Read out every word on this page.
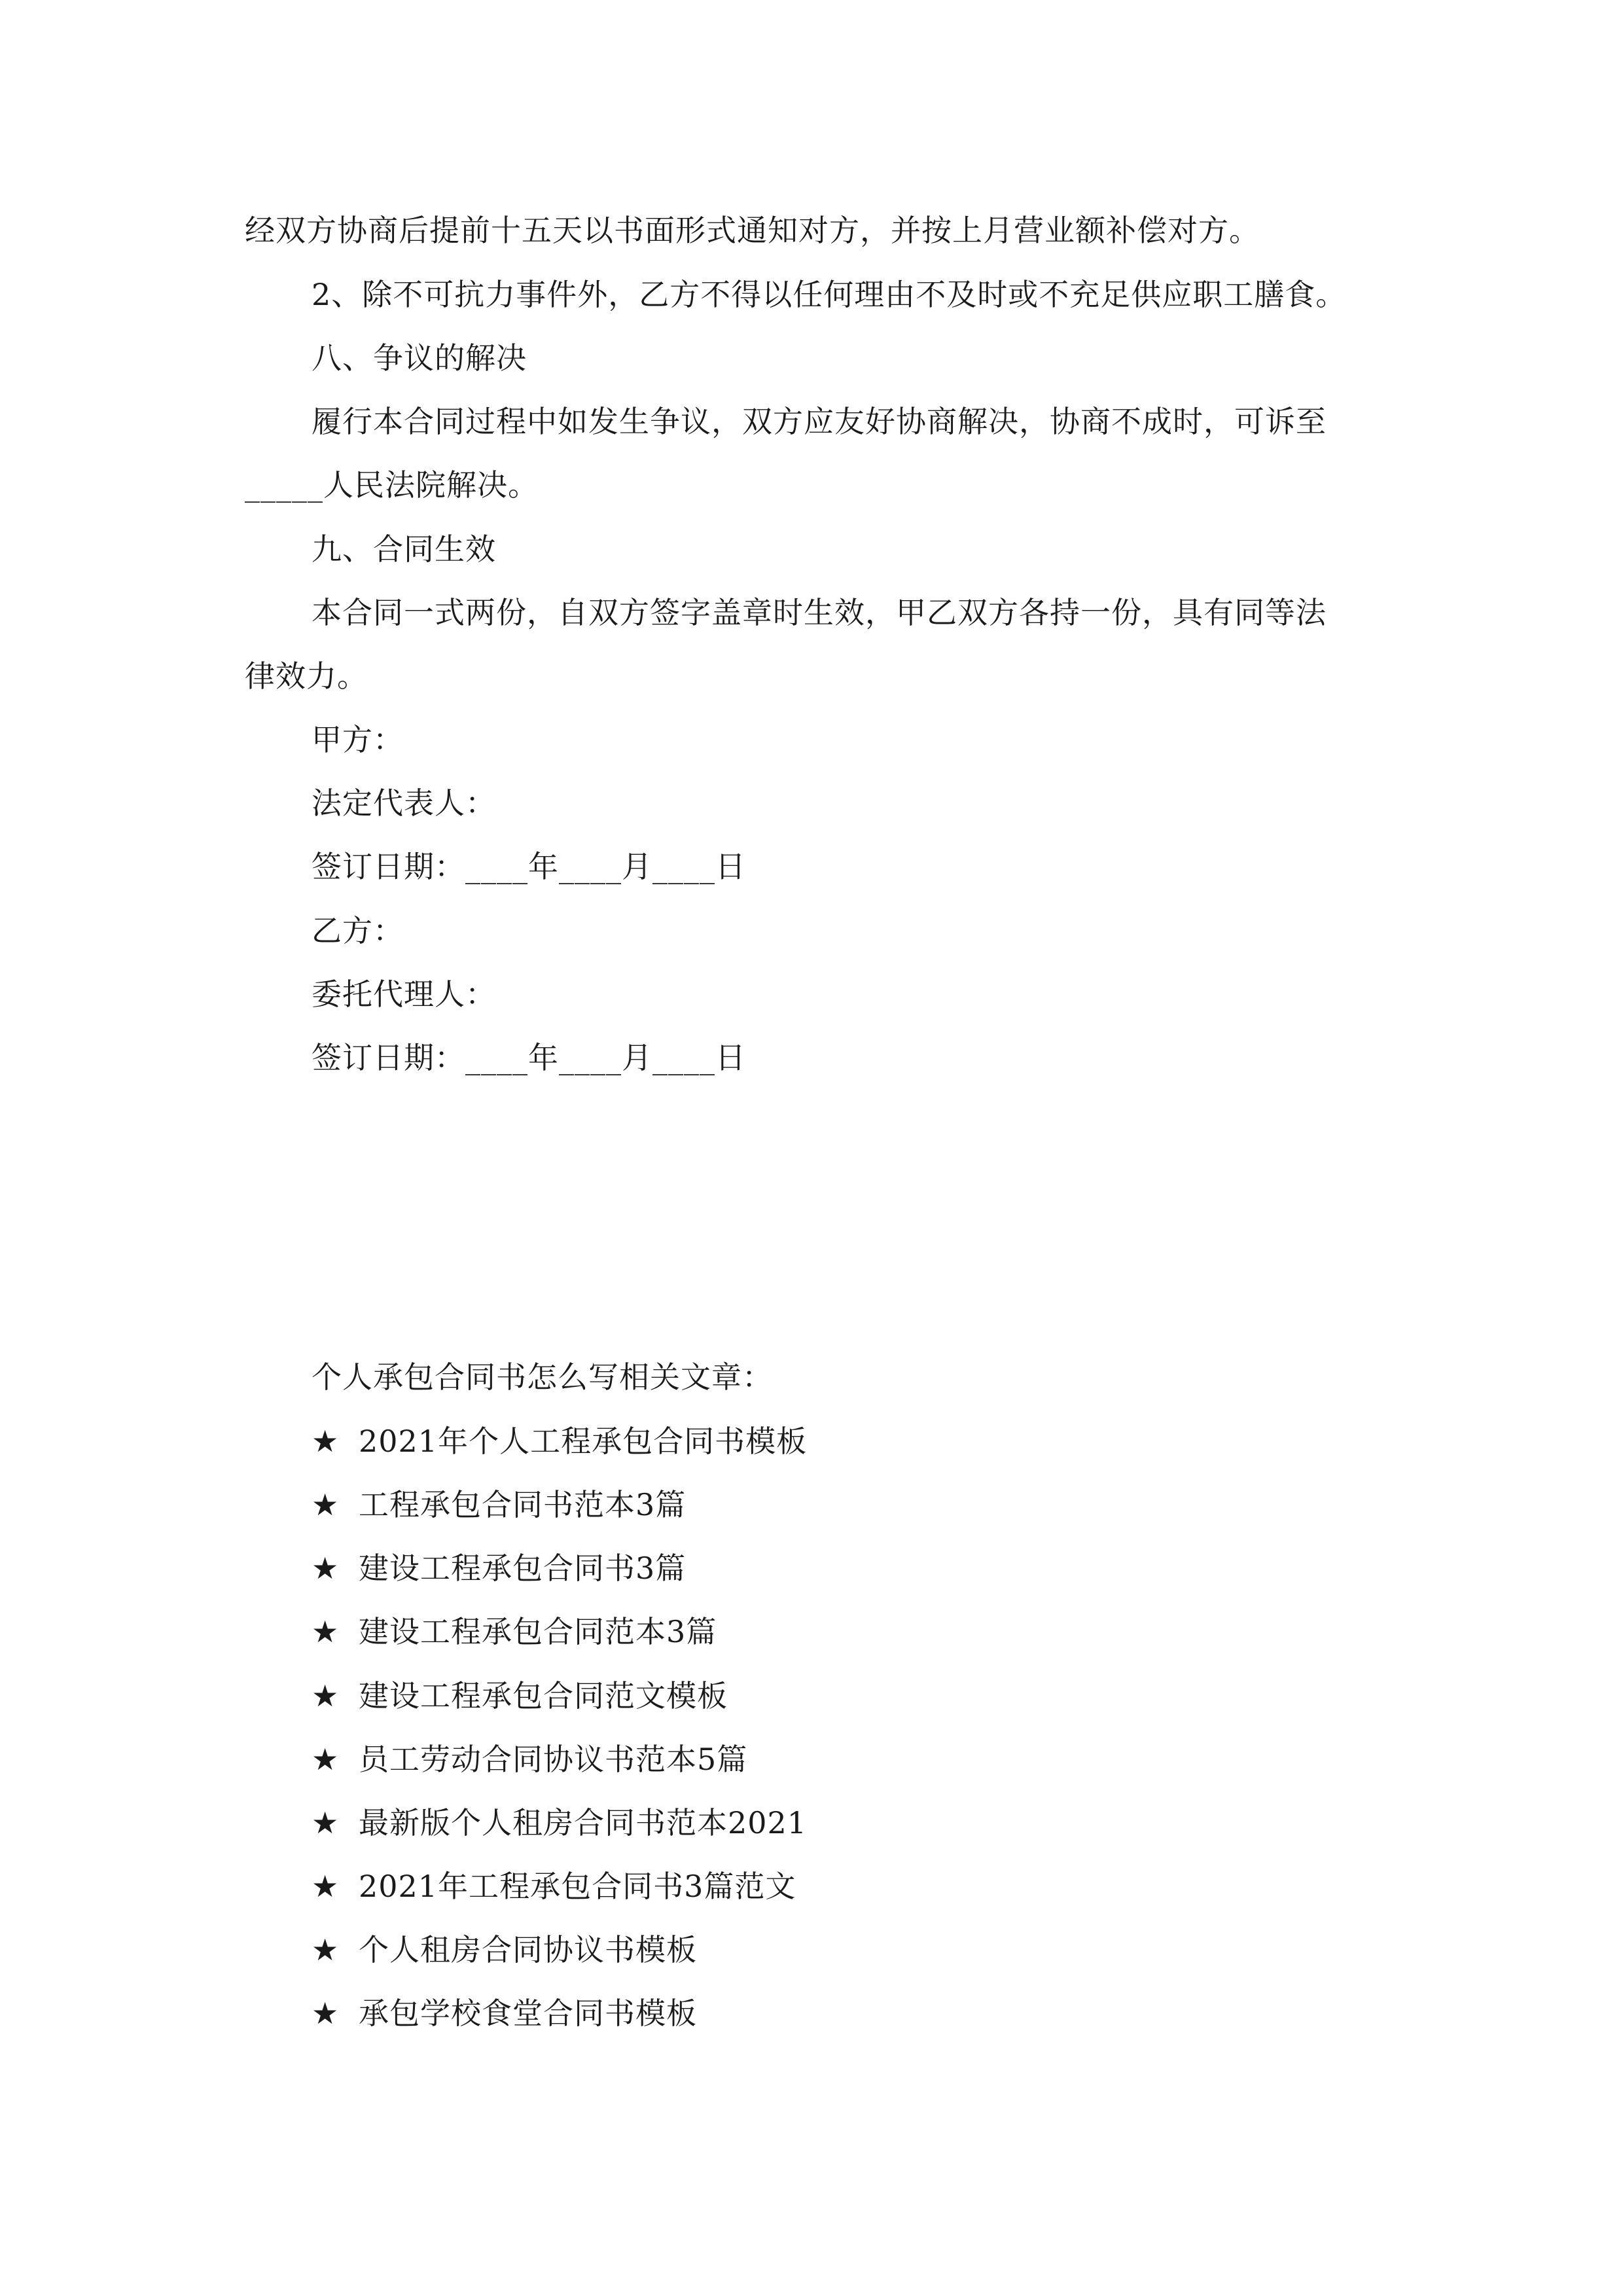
经双方协商后提前十五天以书面形式通知对方，并按上月营业额补偿对方。
2、除不可抗力事件外，乙方不得以任何理由不及时或不充足供应职工膳食。
八、争议的解决
履行本合同过程中如发生争议，双方应友好协商解决，协商不成时，可诉至
_____人民法院解决。
九、合同生效
本合同一式两份，自双方签字盖章时生效，甲乙双方各持一份，具有同等法
律效力。
甲方：
法定代表人：
签订日期：____年____月____日
乙方：
委托代理人：
签订日期：____年____月____日
个人承包合同书怎么写相关文章：
★ 2021年个人工程承包合同书模板
★ 工程承包合同书范本3篇
★ 建设工程承包合同书3篇
★ 建设工程承包合同范本3篇
★ 建设工程承包合同范文模板
★ 员工劳动合同协议书范本5篇
★ 最新版个人租房合同书范本2021
★ 2021年工程承包合同书3篇范文
★ 个人租房合同协议书模板
★ 承包学校食堂合同书模板
